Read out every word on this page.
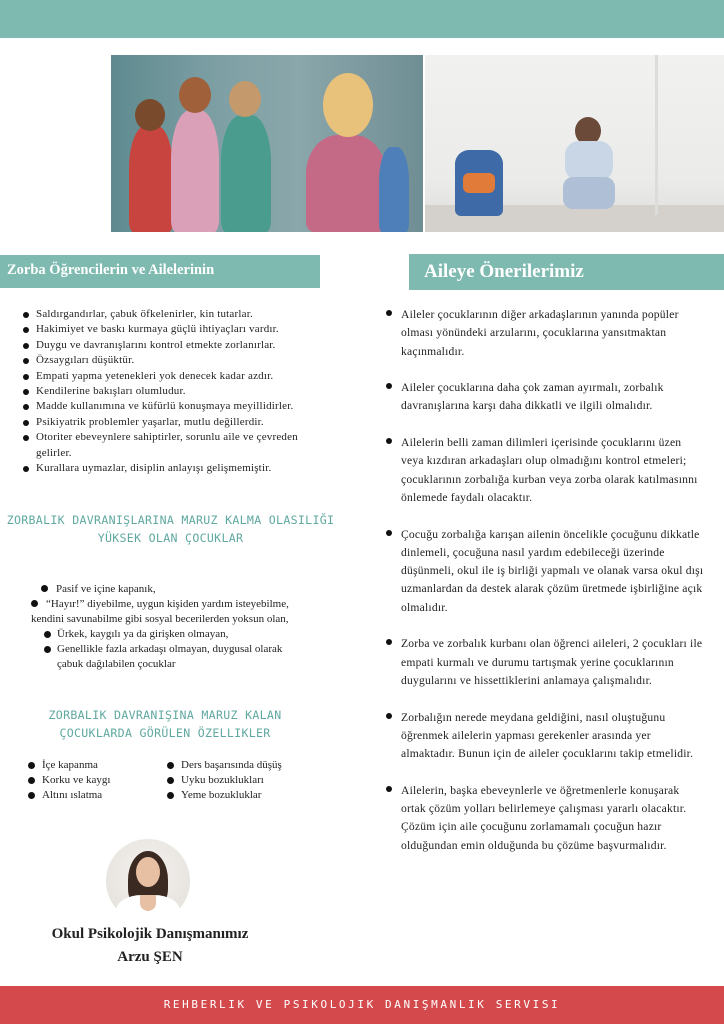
Zorba Öğrencilerin ve Ailelerinin	Aileye Önerilerimiz
Saldırgandırlar, çabuk öfkelenirler, kin tutarlar.
Hakimiyet ve baskı kurmaya güçlü ihtiyaçları vardır.
Duygu ve davranışlarını kontrol etmekte zorlanırlar.
Özsaygıları düşüktür.
Empati yapma yetenekleri yok denecek kadar azdır.
Kendilerine bakışları olumludur.
Madde kullanımına ve küfürlü konuşmaya meyillidirler.
Psikiyatrik problemler yaşarlar, mutlu değillerdir.
Otoriter ebeveynlere sahiptirler, sorunlu aile ve çevreden gelirler.
Kurallara uymazlar, disiplin anlayışı gelişmemiştir.
ZORBALIK DAVRANIŞLARINA MARUZ KALMA OLASILIĞI
YÜKSEK OLAN ÇOCUKLAR
Pasif ve içine kapanık,
“Hayır!” diyebilme, uygun kişiden yardım isteyebilme, kendini savunabilme gibi sosyal becerilerden yoksun olan,
Ürkek, kaygılı ya da girişken olmayan,
Genellikle fazla arkadaşı olmayan, duygusal olarak çabuk dağılabilen çocuklar
ZORBALIK DAVRANIŞINA MARUZ KALAN
ÇOCUKLARDA GÖRÜLEN ÖZELLIKLER
İçe kapanma
Korku ve kaygı
Altını ıslatma
Ders başarısında düşüş
Uyku bozuklukları
Yeme bozukluklar
Okul Psikolojik Danışmanımız
Arzu ŞEN
Aileler çocuklarının diğer arkadaşlarının yanında popüler olması yönündeki arzularını, çocuklarına yansıtmaktan kaçınmalıdır.
Aileler çocuklarına daha çok zaman ayırmalı, zorbalık davranışlarına karşı daha dikkatli ve ilgili olmalıdır.
Ailelerin belli zaman dilimleri içerisinde çocuklarını üzen veya kızdıran arkadaşları olup olmadığını kontrol etmeleri; çocuklarının zorbalığa kurban veya zorba olarak katılmasınnı önlemede faydalı olacaktır.
Çocuğu zorbalığa karışan ailenin öncelikle çocuğunu dikkatle dinlemeli, çocuğuna nasıl yardım edebileceği üzerinde düşünmeli, okul ile iş birliği yapmalı ve olanak varsa okul dışı uzmanlardan da destek alarak çözüm üretmede işbirliğine açık olmalıdır.
Zorba ve zorbalık kurbanı olan öğrenci aileleri, 2 çocukları ile empati kurmalı ve durumu tartışmak yerine çocuklarının duygularını ve hissettiklerini anlamaya çalışmalıdır.
Zorbalığın nerede meydana geldiğini, nasıl oluştuğunu öğrenmek ailelerin yapması gerekenler arasında yer almaktadır. Bunun için de aileler çocuklarını takip etmelidir.
Ailelerin, başka ebeveynlerle ve öğretmenlerle konuşarak ortak çözüm yolları belirlemeye çalışması yararlı olacaktır. Çözüm için aile çocuğunu zorlamamalı çocuğun hazır olduğundan emin olduğunda bu çözüme başvurmalıdır.
REHBERLIK VE PSIKOLOJIK DANIŞMANLIK SERVISI
